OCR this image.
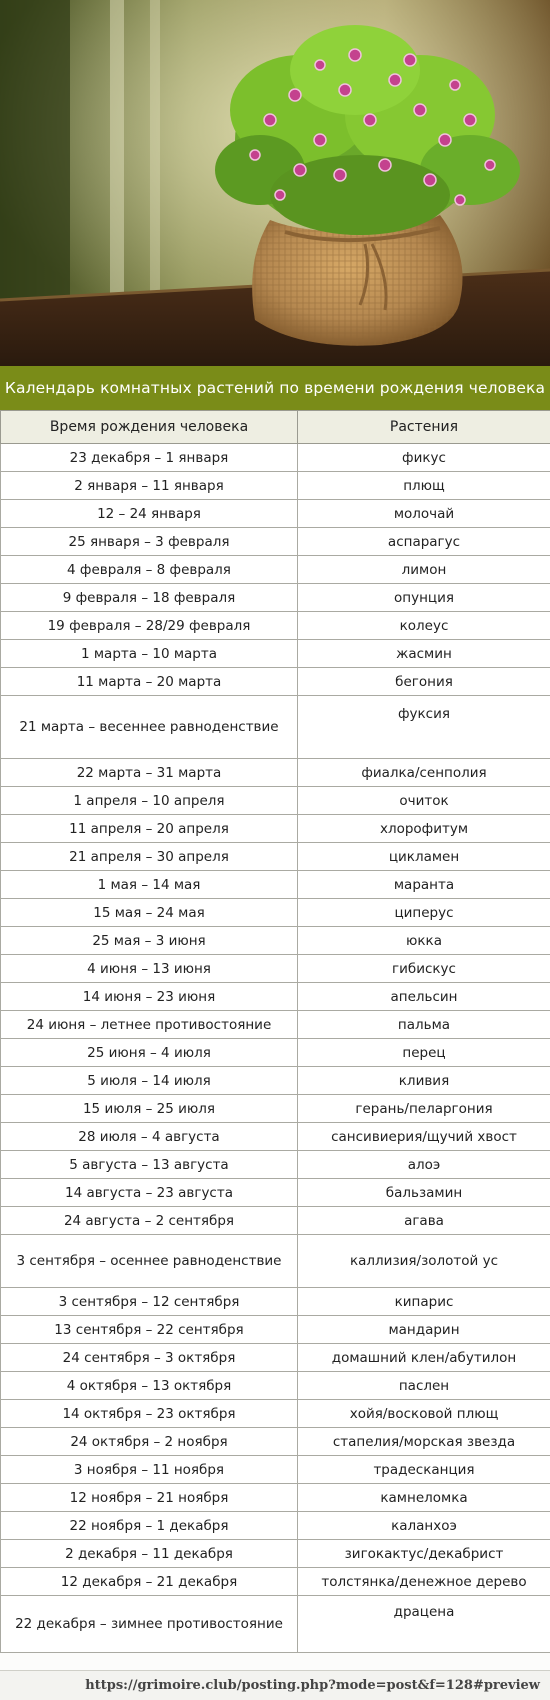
Календарь комнатных растений по времени рождения человека
Время рождения человека	Растения
23 декабря – 1 января	фикус
2 января – 11 января	плющ
12 – 24 января	молочай
25 января – 3 февраля	аспарагус
4 февраля – 8 февраля	лимон
9 февраля – 18 февраля	опунция
19 февраля – 28/29 февраля	колеус
1 марта – 10 марта	жасмин
11 марта – 20 марта	бегония
21 марта – весеннее равноденствие	фуксия
22 марта – 31 марта	фиалка/сенполия
1 апреля – 10 апреля	очиток
11 апреля – 20 апреля	хлорофитум
21 апреля – 30 апреля	цикламен
1 мая – 14 мая	маранта
15 мая – 24 мая	циперус
25 мая – 3 июня	юкка
4 июня – 13 июня	гибискус
14 июня – 23 июня	апельсин
24 июня – летнее противостояние	пальма
25 июня – 4 июля	перец
5 июля – 14 июля	кливия
15 июля – 25 июля	герань/пеларгония
28 июля – 4 августа	сансивиерия/щучий хвост
5 августа – 13 августа	алоэ
14 августа – 23 августа	бальзамин
24 августа – 2 сентября	агава
3 сентября – осеннее равноденствие	каллизия/золотой ус
3 сентября – 12 сентября	кипарис
13 сентября – 22 сентября	мандарин
24 сентября – 3 октября	домашний клен/абутилон
4 октября – 13 октября	паслен
14 октября – 23 октября	хойя/восковой плющ
24 октября – 2 ноября	стапелия/морская звезда
3 ноября – 11 ноября	традесканция
12 ноября – 21 ноября	камнеломка
22 ноября – 1 декабря	каланхоэ
2 декабря – 11 декабря	зигокактус/декабрист
12 декабря – 21 декабря	толстянка/денежное дерево
22 декабря – зимнее противостояние	драцена
https://grimoire.club/posting.php?mode=post&f=128#preview
